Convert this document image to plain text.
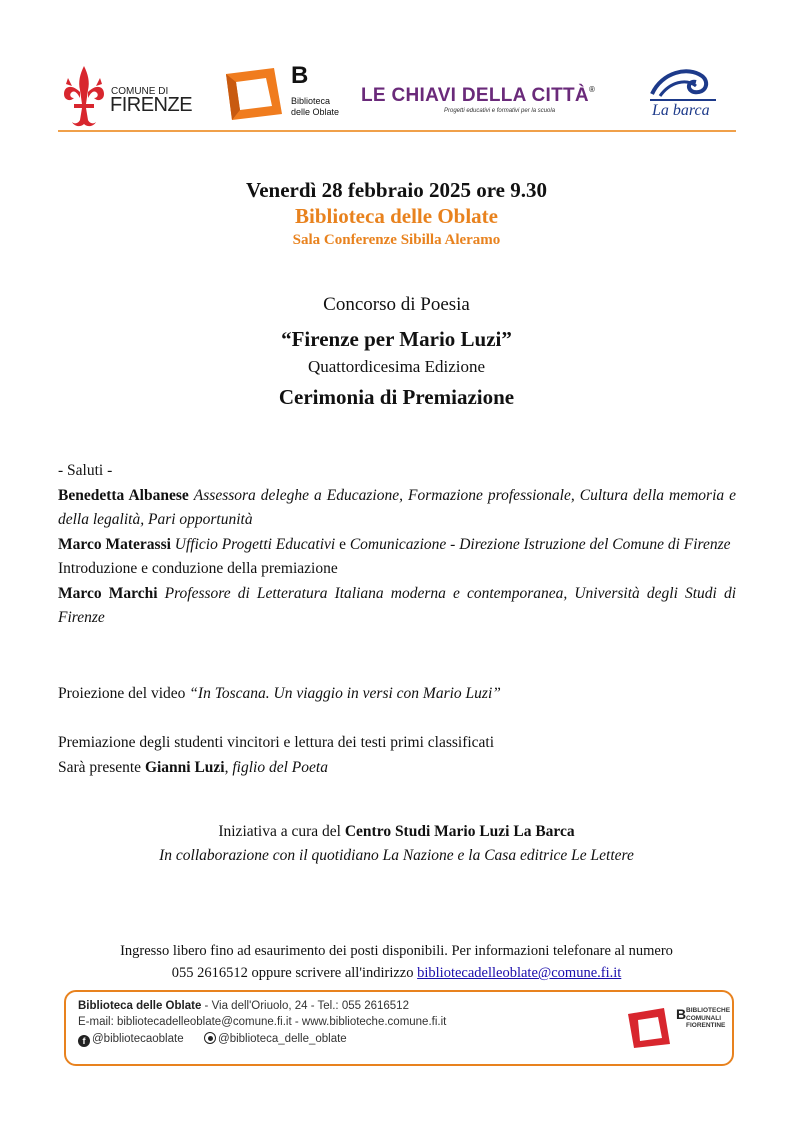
COMUNE DI
FIRENZE
B
Biblioteca
delle Oblate
LE CHIAVI DELLA CITTÀ®
Progetti educativi e formativi per la scuola	La barca
Venerdì 28 febbraio 2025 ore 9.30
Biblioteca delle Oblate
Sala Conferenze Sibilla Aleramo
Concorso di Poesia
“Firenze per Mario Luzi”
Quattordicesima Edizione
Cerimonia di Premiazione
- Saluti -
Benedetta Albanese Assessora deleghe a Educazione, Formazione professionale, Cultura della memoria e della legalità, Pari opportunità
Marco Materassi Ufficio Progetti Educativi e Comunicazione - Direzione Istruzione del Comune di Firenze
Introduzione e conduzione della premiazione
Marco Marchi Professore di Letteratura Italiana moderna e contemporanea, Università degli Studi di Firenze
Proiezione del video “In Toscana. Un viaggio in versi con Mario Luzi”
Premiazione degli studenti vincitori e lettura dei testi primi classificati
Sarà presente Gianni Luzi, figlio del Poeta
Iniziativa a cura del Centro Studi Mario Luzi La Barca
In collaborazione con il quotidiano La Nazione e la Casa editrice Le Lettere
Ingresso libero fino ad esaurimento dei posti disponibili. Per informazioni telefonare al numero
055 2616512 oppure scrivere all'indirizzo bibliotecadelleoblate@comune.fi.it
Biblioteca delle Oblate - Via dell'Oriuolo, 24 - Tel.: 055 2616512
E-mail: bibliotecadelleoblate@comune.fi.it - www.biblioteche.comune.fi.it
f @bibliotecaoblate	@biblioteca_delle_oblate
B BIBLIOTECHE
COMUNALI
FIORENTINE
